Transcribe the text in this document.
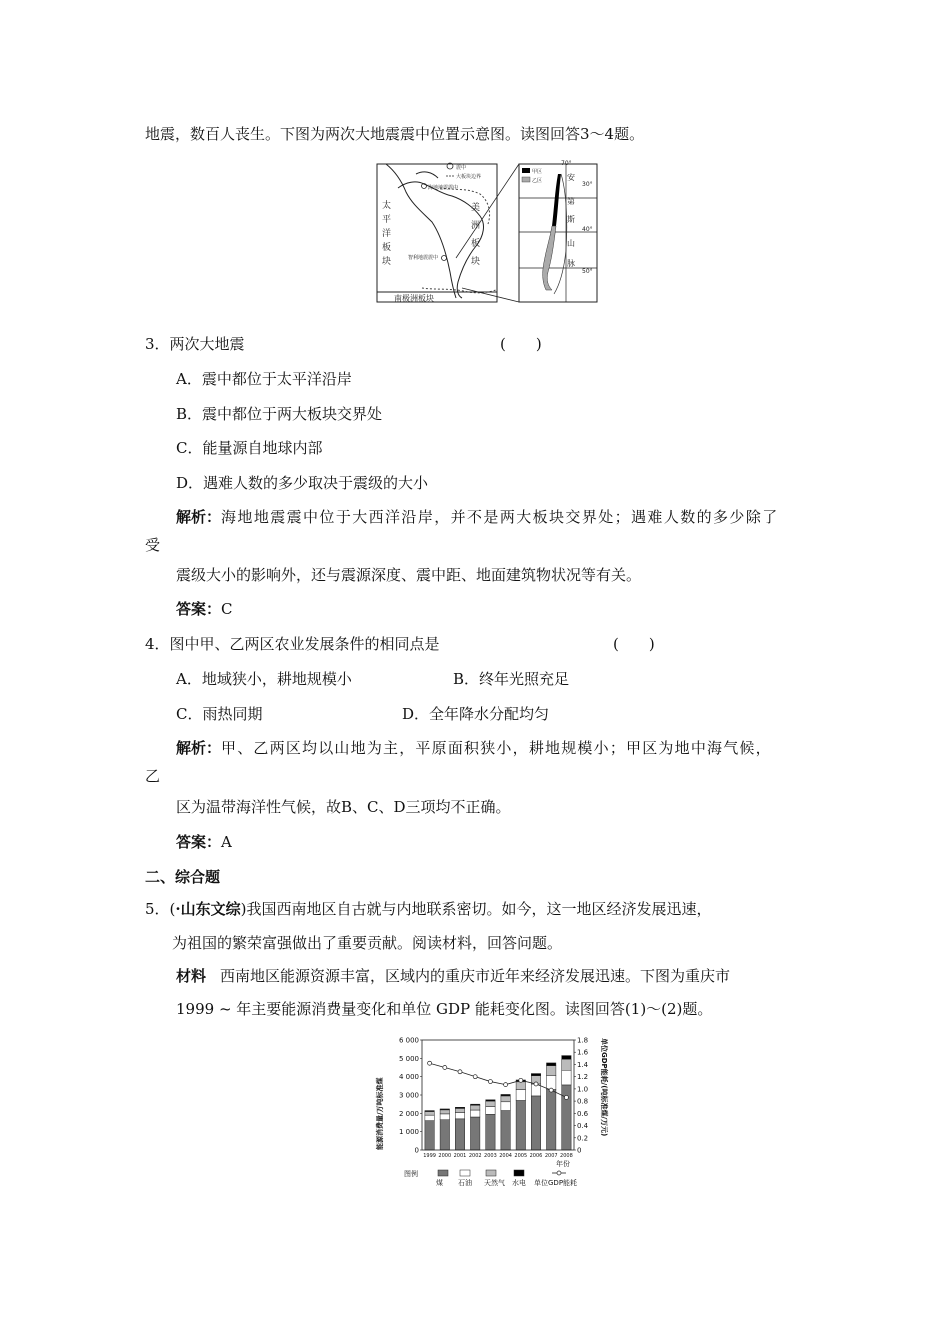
地震，数百人丧生。下图为两次大地震震中位置示意图。读图回答3～4题。
震中
大板块边界
海地地震震中
智利地震震中
太
平
洋
板
块
美
洲
板
块
南极洲板块
甲区
乙区
70°
30°
40°
50°
安
第
斯
山
脉
3．两次大地震	(　　)
A．震中都位于太平洋沿岸
B．震中都位于两大板块交界处
C．能量源自地球内部
D．遇难人数的多少取决于震级的大小
解析：海地地震震中位于大西洋沿岸，并不是两大板块交界处；遇难人数的多少除了
受
震级大小的影响外，还与震源深度、震中距、地面建筑物状况等有关。
答案：C
4．图中甲、乙两区农业发展条件的相同点是	(　　)
A．地域狭小，耕地规模小	B．终年光照充足
C．雨热同期	D．全年降水分配均匀
解析：甲、乙两区均以山地为主，平原面积狭小，耕地规模小；甲区为地中海气候，
乙
区为温带海洋性气候，故B、C、D三项均不正确。
答案：A
二、综合题
5．(·山东文综)我国西南地区自古就与内地联系密切。如今，这一地区经济发展迅速，
为祖国的繁荣富强做出了重要贡献。阅读材料，回答问题。
材料 西南地区能源资源丰富，区域内的重庆市近年来经济发展迅速。下图为重庆市
1999 ~ 年主要能源消费量变化和单位 GDP 能耗变化图。读图回答(1)～(2)题。
6 000
5 000
4 000
3 000
2 000
1 000
0
1.8
1.6
1.4
1.2
1.0
0.8
0.6
0.4
0.2
0
1999 2000 2001 2002 2003 2004 2005 2006 2007 2008
图例
煤 石油 天然气 水电 单位GDP能耗
能源消费量/万吨标准煤	单位GDP能耗/(吨标准煤/万元)
年份
